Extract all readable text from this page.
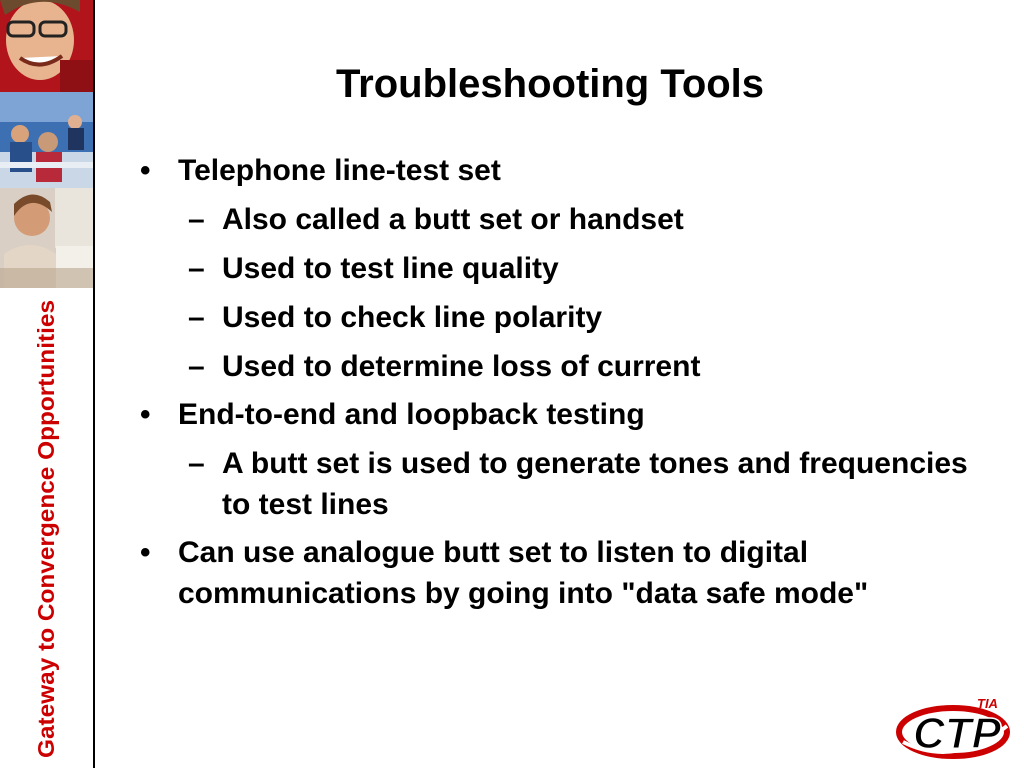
Gateway to Convergence Opportunities
Troubleshooting Tools
• Telephone line-test set
– Also called a butt set or handset
– Used to test line quality
– Used to check line polarity
– Used to determine loss of current
• End-to-end and loopback testing
– A butt set is used to generate tones and frequencies to test lines
• Can use analogue butt set to listen to digital communications by going into "data safe mode"
CTP
TIA
